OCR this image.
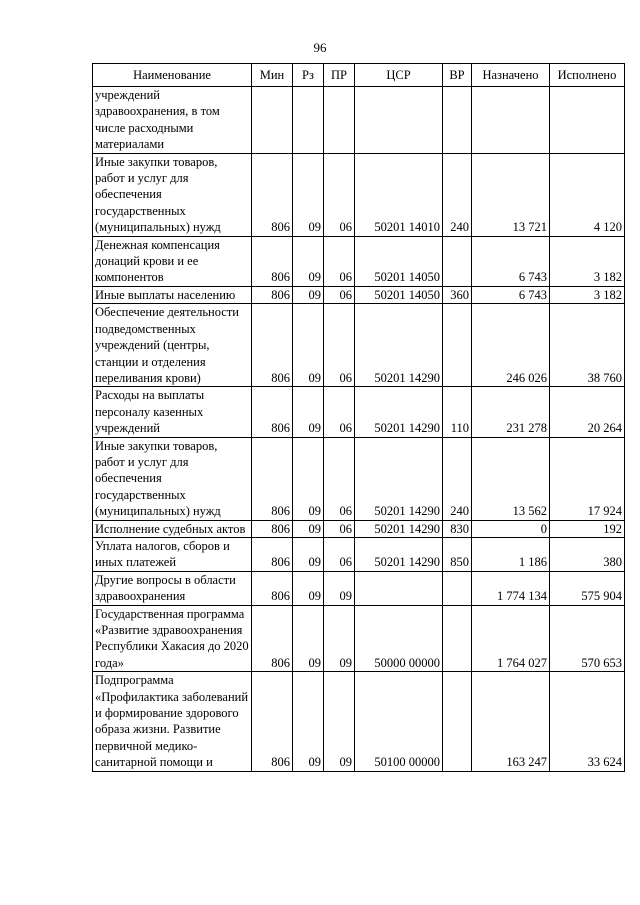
96
Наименование	Мин	Рз	ПР	ЦСР	ВР	Назначено	Исполнено
учреждений здравоохранения, в том числе расходными материалами							
Иные закупки товаров, работ и услуг для обеспечения государственных (муниципальных) нужд	806	09	06	50201 14010	240	13 721	4 120
Денежная компенсация донаций крови и ее компонентов	806	09	06	50201 14050		6 743	3 182
Иные выплаты населению	806	09	06	50201 14050	360	6 743	3 182
Обеспечение деятельности подведомственных учреждений (центры, станции и отделения переливания крови)	806	09	06	50201 14290		246 026	38 760
Расходы на выплаты персоналу казенных учреждений	806	09	06	50201 14290	110	231 278	20 264
Иные закупки товаров, работ и услуг для обеспечения государственных (муниципальных) нужд	806	09	06	50201 14290	240	13 562	17 924
Исполнение судебных актов	806	09	06	50201 14290	830	0	192
Уплата налогов, сборов и иных платежей	806	09	06	50201 14290	850	1 186	380
Другие вопросы в области здравоохранения	806	09	09			1 774 134	575 904
Государственная программа «Развитие здравоохранения Республики Хакасия до 2020 года»	806	09	09	50000 00000		1 764 027	570 653
Подпрограмма «Профилактика заболеваний и формирование здорового образа жизни. Развитие первичной медико-санитарной помощи и	806	09	09	50100 00000		163 247	33 624
